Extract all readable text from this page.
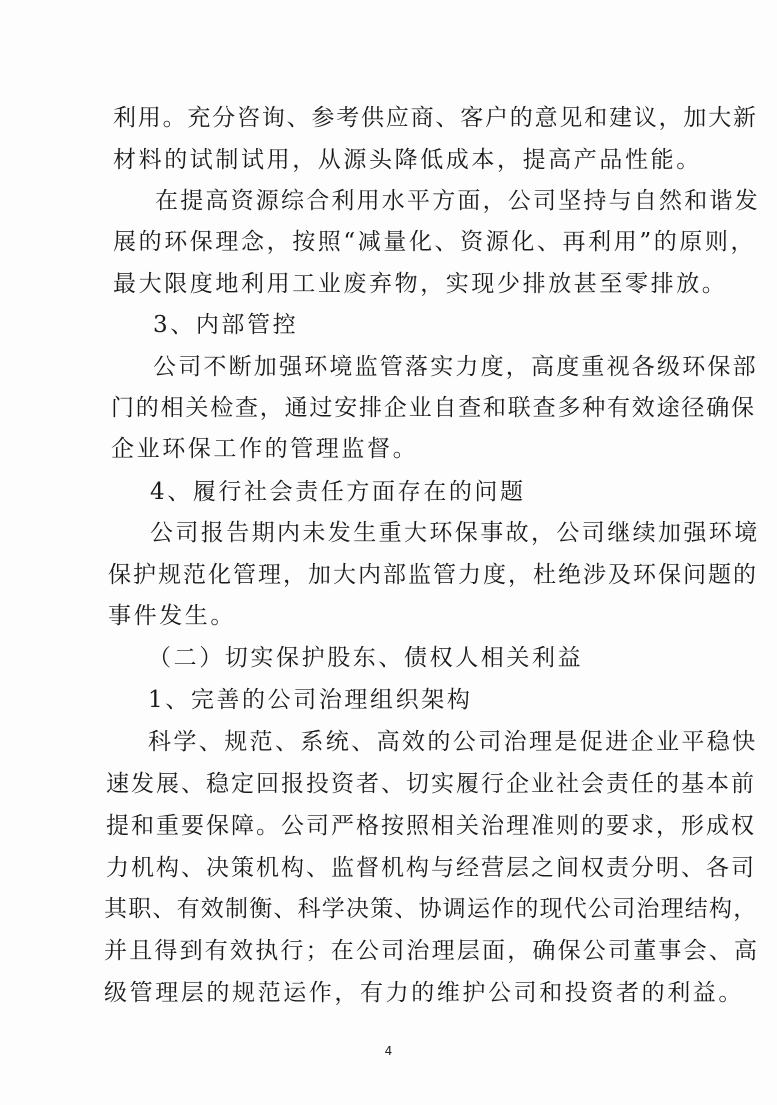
利用。充分咨询、参考供应商、客户的意见和建议，加大新
材料的试制试用，从源头降低成本，提高产品性能。
在提高资源综合利用水平方面，公司坚持与自然和谐发
展的环保理念，按照“减量化、资源化、再利用”的原则，
最大限度地利用工业废弃物，实现少排放甚至零排放。
3、内部管控
公司不断加强环境监管落实力度，高度重视各级环保部
门的相关检查，通过安排企业自查和联查多种有效途径确保
企业环保工作的管理监督。
4、履行社会责任方面存在的问题
公司报告期内未发生重大环保事故，公司继续加强环境
保护规范化管理，加大内部监管力度，杜绝涉及环保问题的
事件发生。
（二）切实保护股东、债权人相关利益
1、完善的公司治理组织架构
科学、规范、系统、高效的公司治理是促进企业平稳快
速发展、稳定回报投资者、切实履行企业社会责任的基本前
提和重要保障。公司严格按照相关治理准则的要求，形成权
力机构、决策机构、监督机构与经营层之间权责分明、各司
其职、有效制衡、科学决策、协调运作的现代公司治理结构，
并且得到有效执行；在公司治理层面，确保公司董事会、高
级管理层的规范运作，有力的维护公司和投资者的利益。
4
